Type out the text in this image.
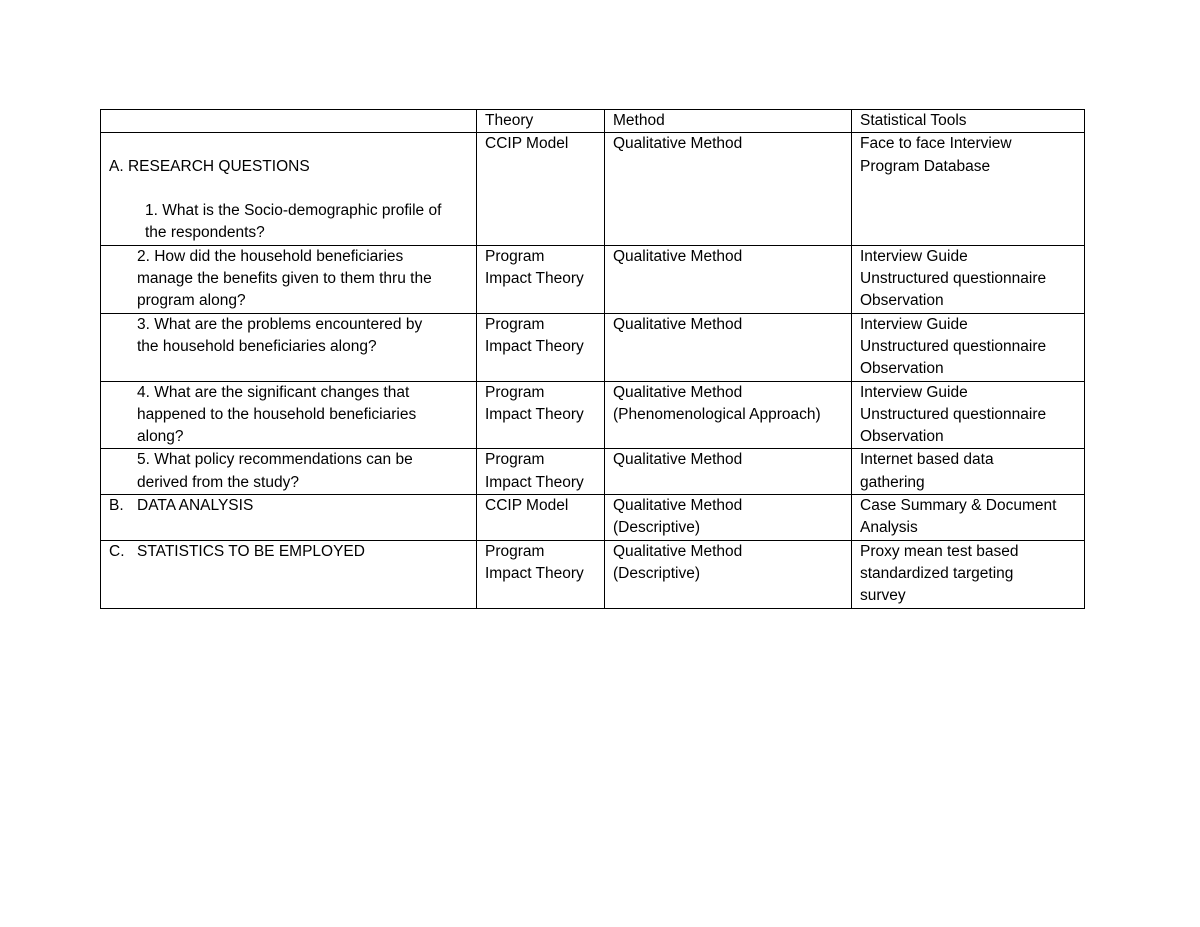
	Theory	Method	Statistical Tools

A. RESEARCH QUESTIONS
1. What is the Socio-demographic profile of
the respondents?	CCIP Model	Qualitative Method	Face to face Interview
Program Database

2. How did the household beneficiaries
manage the benefits given to them thru the
program along?	Program
Impact Theory	Qualitative Method	Interview Guide
Unstructured questionnaire
Observation

3. What are the problems encountered by
the household beneficiaries along?	Program
Impact Theory	Qualitative Method	Interview Guide
Unstructured questionnaire
Observation

4. What are the significant changes that
happened to the household beneficiaries
along?	Program
Impact Theory	Qualitative Method
(Phenomenological Approach)	Interview Guide
Unstructured questionnaire
Observation

5. What policy recommendations can be
derived from the study?	Program
Impact Theory	Qualitative Method	Internet based data
gathering

B. DATA ANALYSIS	CCIP Model	Qualitative Method
(Descriptive)	Case Summary & Document
Analysis

C. STATISTICS TO BE EMPLOYED	Program
Impact Theory	Qualitative Method
(Descriptive)	Proxy mean test based
standardized targeting
survey
